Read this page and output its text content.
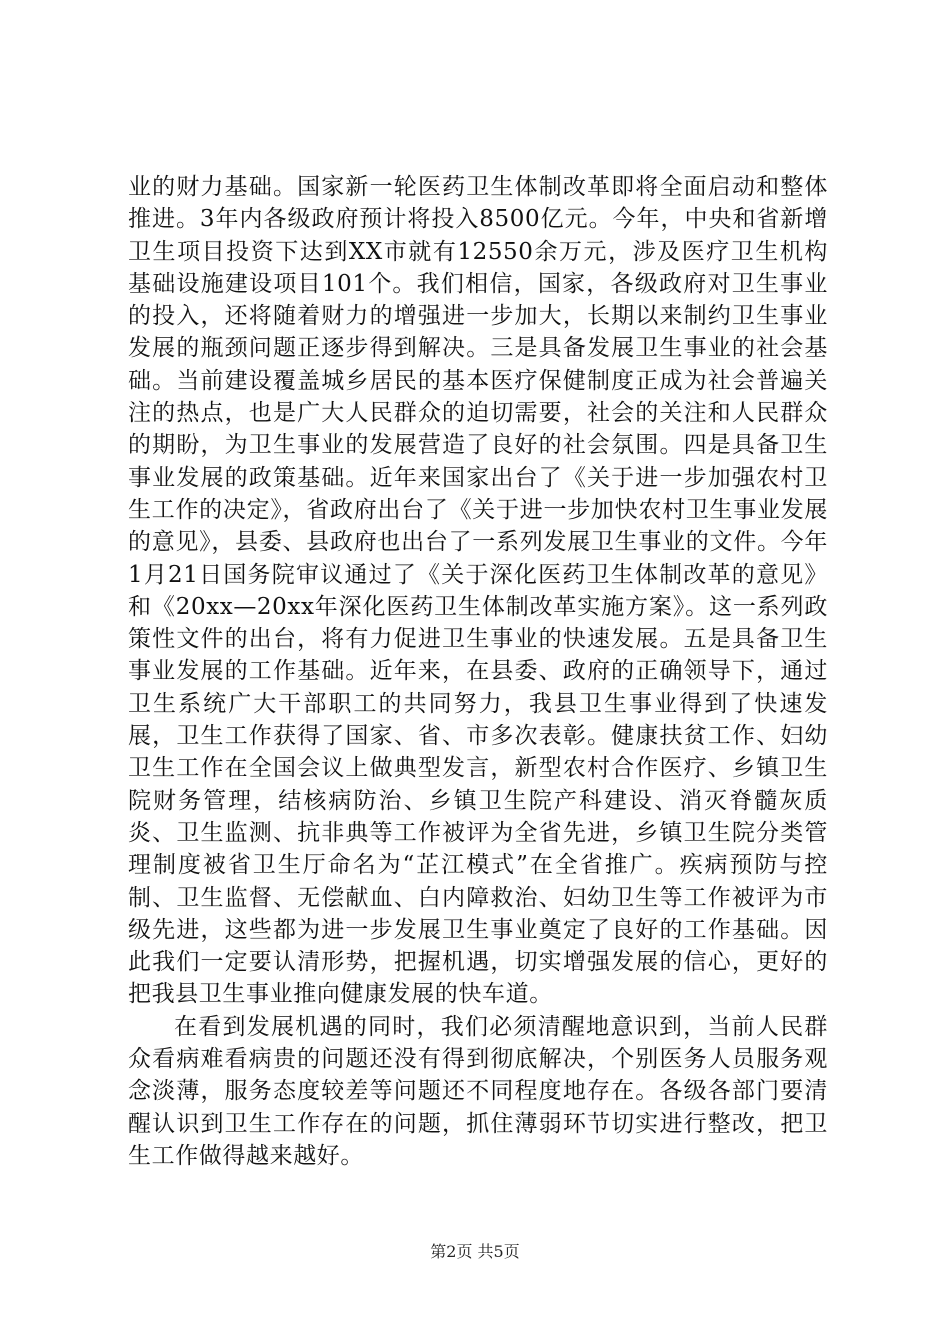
业的财力基础。国家新一轮医药卫生体制改革即将全面启动和整体推进。3年内各级政府预计将投入8500亿元。今年，中央和省新增卫生项目投资下达到XX市就有12550余万元，涉及医疗卫生机构基础设施建设项目101个。我们相信，国家，各级政府对卫生事业的投入，还将随着财力的增强进一步加大，长期以来制约卫生事业发展的瓶颈问题正逐步得到解决。三是具备发展卫生事业的社会基础。当前建设覆盖城乡居民的基本医疗保健制度正成为社会普遍关注的热点，也是广大人民群众的迫切需要，社会的关注和人民群众的期盼，为卫生事业的发展营造了良好的社会氛围。四是具备卫生事业发展的政策基础。近年来国家出台了《关于进一步加强农村卫生工作的决定》，省政府出台了《关于进一步加快农村卫生事业发展的意见》，县委、县政府也出台了一系列发展卫生事业的文件。今年1月21日国务院审议通过了《关于深化医药卫生体制改革的意见》和《20xx—20xx年深化医药卫生体制改革实施方案》。这一系列政策性文件的出台，将有力促进卫生事业的快速发展。五是具备卫生事业发展的工作基础。近年来，在县委、政府的正确领导下，通过卫生系统广大干部职工的共同努力，我县卫生事业得到了快速发展，卫生工作获得了国家、省、市多次表彰。健康扶贫工作、妇幼卫生工作在全国会议上做典型发言，新型农村合作医疗、乡镇卫生院财务管理，结核病防治、乡镇卫生院产科建设、消灭脊髓灰质炎、卫生监测、抗非典等工作被评为全省先进，乡镇卫生院分类管理制度被省卫生厅命名为“芷江模式”在全省推广。疾病预防与控制、卫生监督、无偿献血、白内障救治、妇幼卫生等工作被评为市级先进，这些都为进一步发展卫生事业奠定了良好的工作基础。因此我们一定要认清形势，把握机遇，切实增强发展的信心，更好的把我县卫生事业推向健康发展的快车道。

在看到发展机遇的同时，我们必须清醒地意识到，当前人民群众看病难看病贵的问题还没有得到彻底解决，个别医务人员服务观念淡薄，服务态度较差等问题还不同程度地存在。各级各部门要清醒认识到卫生工作存在的问题，抓住薄弱环节切实进行整改，把卫生工作做得越来越好。

第2页 共5页
